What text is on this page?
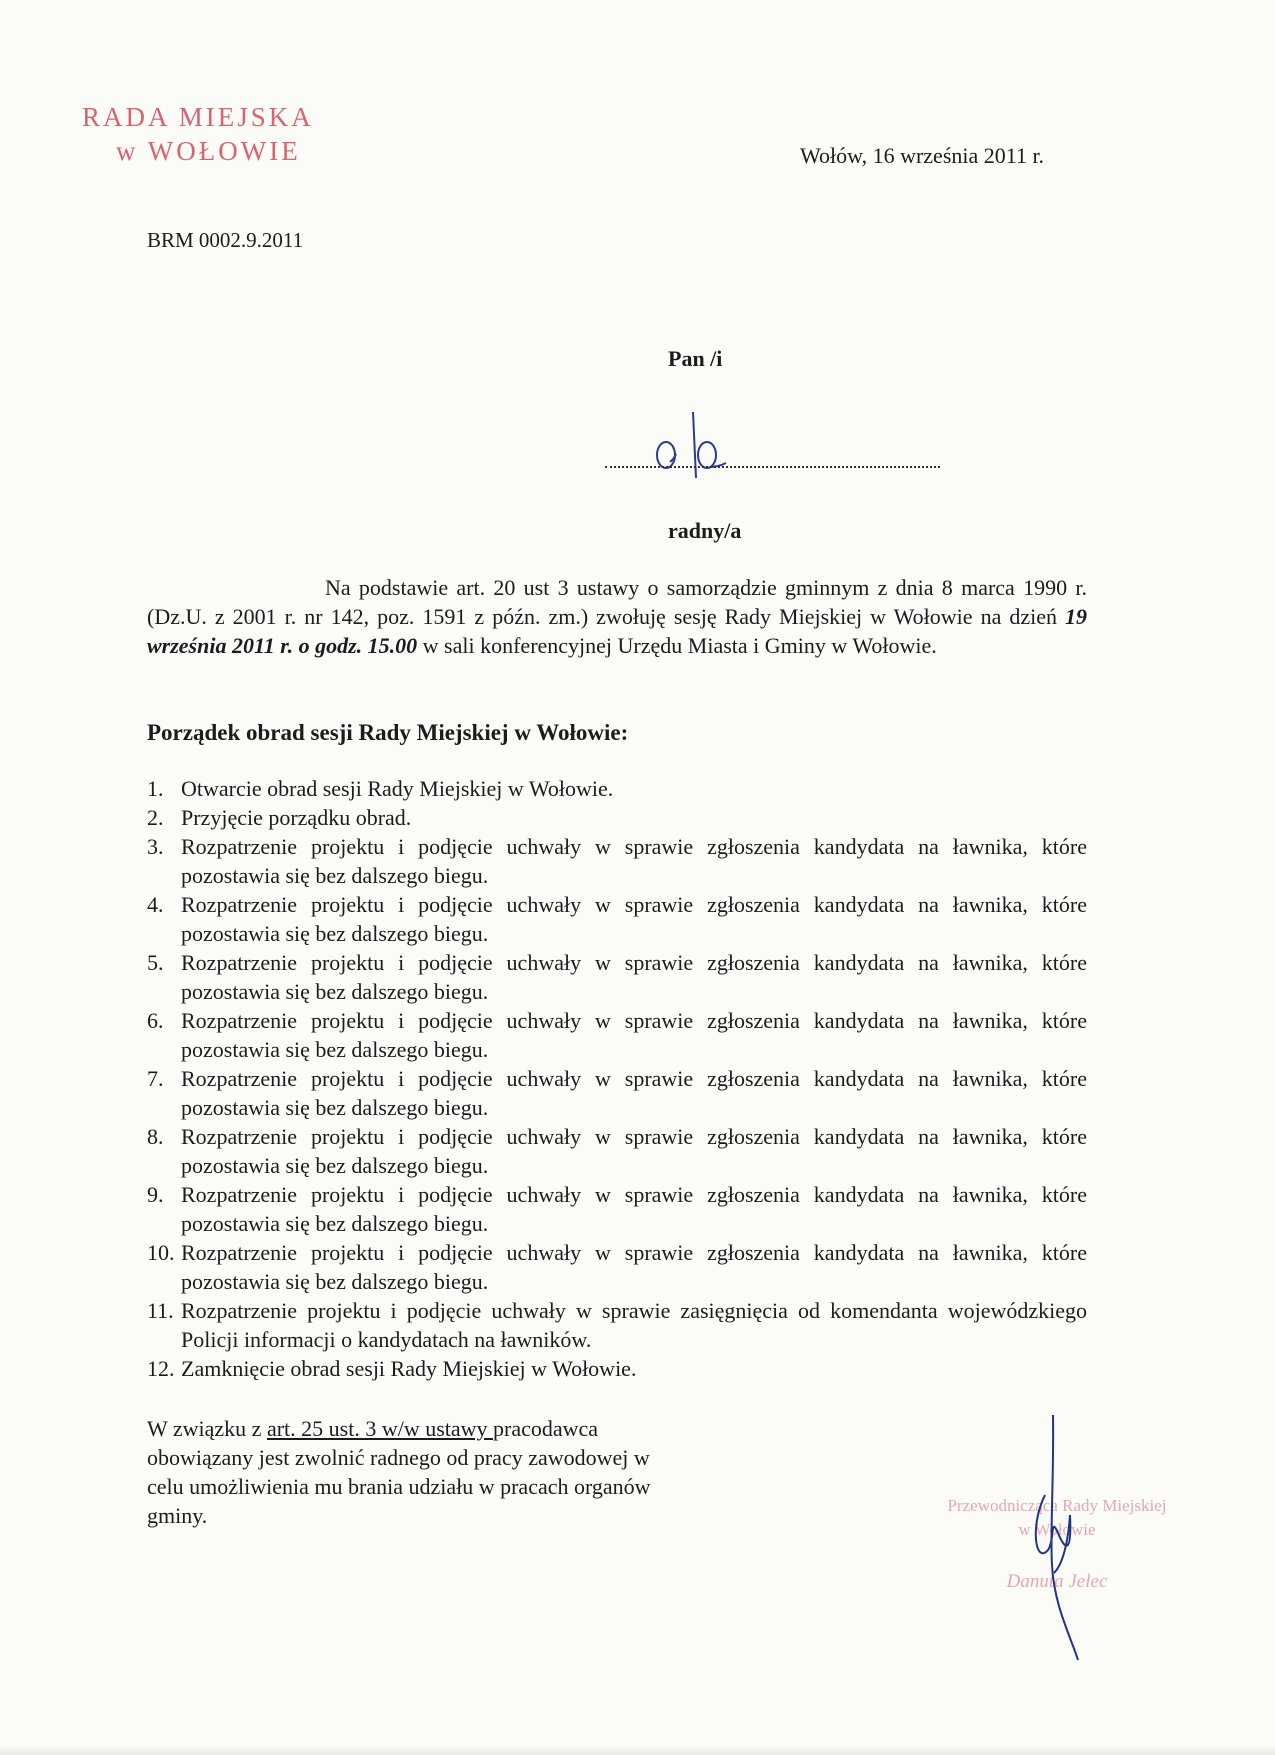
RADA MIEJSKA
w WOŁOWIE	Wołów, 16 września 2011 r.
BRM 0002.9.2011
Pan /i
radny/a
Na podstawie art. 20 ust 3 ustawy o samorządzie gminnym z dnia 8 marca 1990 r. (Dz.U. z 2001 r. nr 142, poz. 1591 z późn. zm.) zwołuję sesję Rady Miejskiej w Wołowie na dzień 19 września 2011 r. o godz. 15.00 w sali konferencyjnej Urzędu Miasta i Gminy w Wołowie.
Porządek obrad sesji Rady Miejskiej w Wołowie:
1. Otwarcie obrad sesji Rady Miejskiej w Wołowie.
2. Przyjęcie porządku obrad.
3. Rozpatrzenie projektu i podjęcie uchwały w sprawie zgłoszenia kandydata na ławnika, które pozostawia się bez dalszego biegu.
4. Rozpatrzenie projektu i podjęcie uchwały w sprawie zgłoszenia kandydata na ławnika, które pozostawia się bez dalszego biegu.
5. Rozpatrzenie projektu i podjęcie uchwały w sprawie zgłoszenia kandydata na ławnika, które pozostawia się bez dalszego biegu.
6. Rozpatrzenie projektu i podjęcie uchwały w sprawie zgłoszenia kandydata na ławnika, które pozostawia się bez dalszego biegu.
7. Rozpatrzenie projektu i podjęcie uchwały w sprawie zgłoszenia kandydata na ławnika, które pozostawia się bez dalszego biegu.
8. Rozpatrzenie projektu i podjęcie uchwały w sprawie zgłoszenia kandydata na ławnika, które pozostawia się bez dalszego biegu.
9. Rozpatrzenie projektu i podjęcie uchwały w sprawie zgłoszenia kandydata na ławnika, które pozostawia się bez dalszego biegu.
10. Rozpatrzenie projektu i podjęcie uchwały w sprawie zgłoszenia kandydata na ławnika, które pozostawia się bez dalszego biegu.
11. Rozpatrzenie projektu i podjęcie uchwały w sprawie zasięgnięcia od komendanta wojewódzkiego Policji informacji o kandydatach na ławników.
12. Zamknięcie obrad sesji Rady Miejskiej w Wołowie.
W związku z art. 25 ust. 3 w/w ustawy pracodawca obowiązany jest zwolnić radnego od pracy zawodowej w celu umożliwienia mu brania udziału w pracach organów gminy.	Przewodnicząca Rady Miejskiej
w Wołowie
Danuta Jelec
